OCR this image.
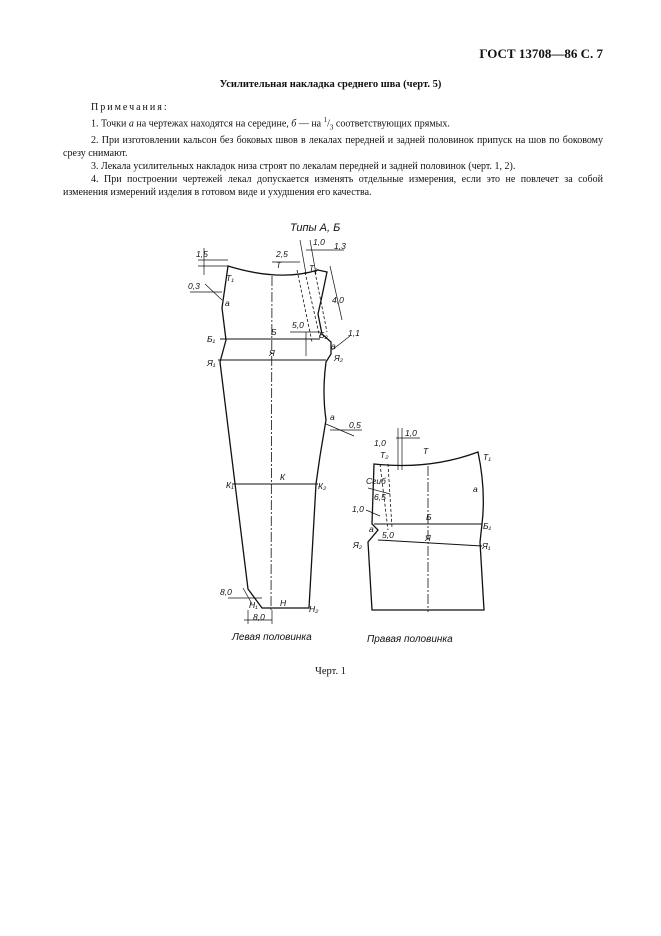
ГОСТ 13708—86 С. 7
Усилительная накладка среднего шва (черт. 5)
Примечания:

1. Точки а на чертежах находятся на середине, б — на $^1/_3$ соответствующих прямых.

2. При изготовлении кальсон без боковых швов в лекалах передней и задней половинок припуск на шов по боковому срезу снимают.

3. Лекала усилительных накладок низа строят по лекалам передней и задней половинок (черт. 1, 2).

4. При построении чертежей лекал допускается изменять отдельные измерения, если это не повлечет за собой изменения измерений изделия в готовом виде и ухудшения его качества.

Типы А, Б
Т₁
а
Т	Т₂
Б₁
Б	Б₂
Я₁
Я	Я₂
а
а
К₁
К
К₂
Н₁	Н
Н₂
1,5
0,3
2,5
1,0 1,3
4,0
5,0
1,1
0,5
8,0
8,0
Т₂	Т
Т₁
а
Сгиб
Б
Б₁
Я₂
Я
Я₁
а
1,0
1,0
6,5
1,0
5,0
Левая половинка	Правая половинка
Черт. 1
